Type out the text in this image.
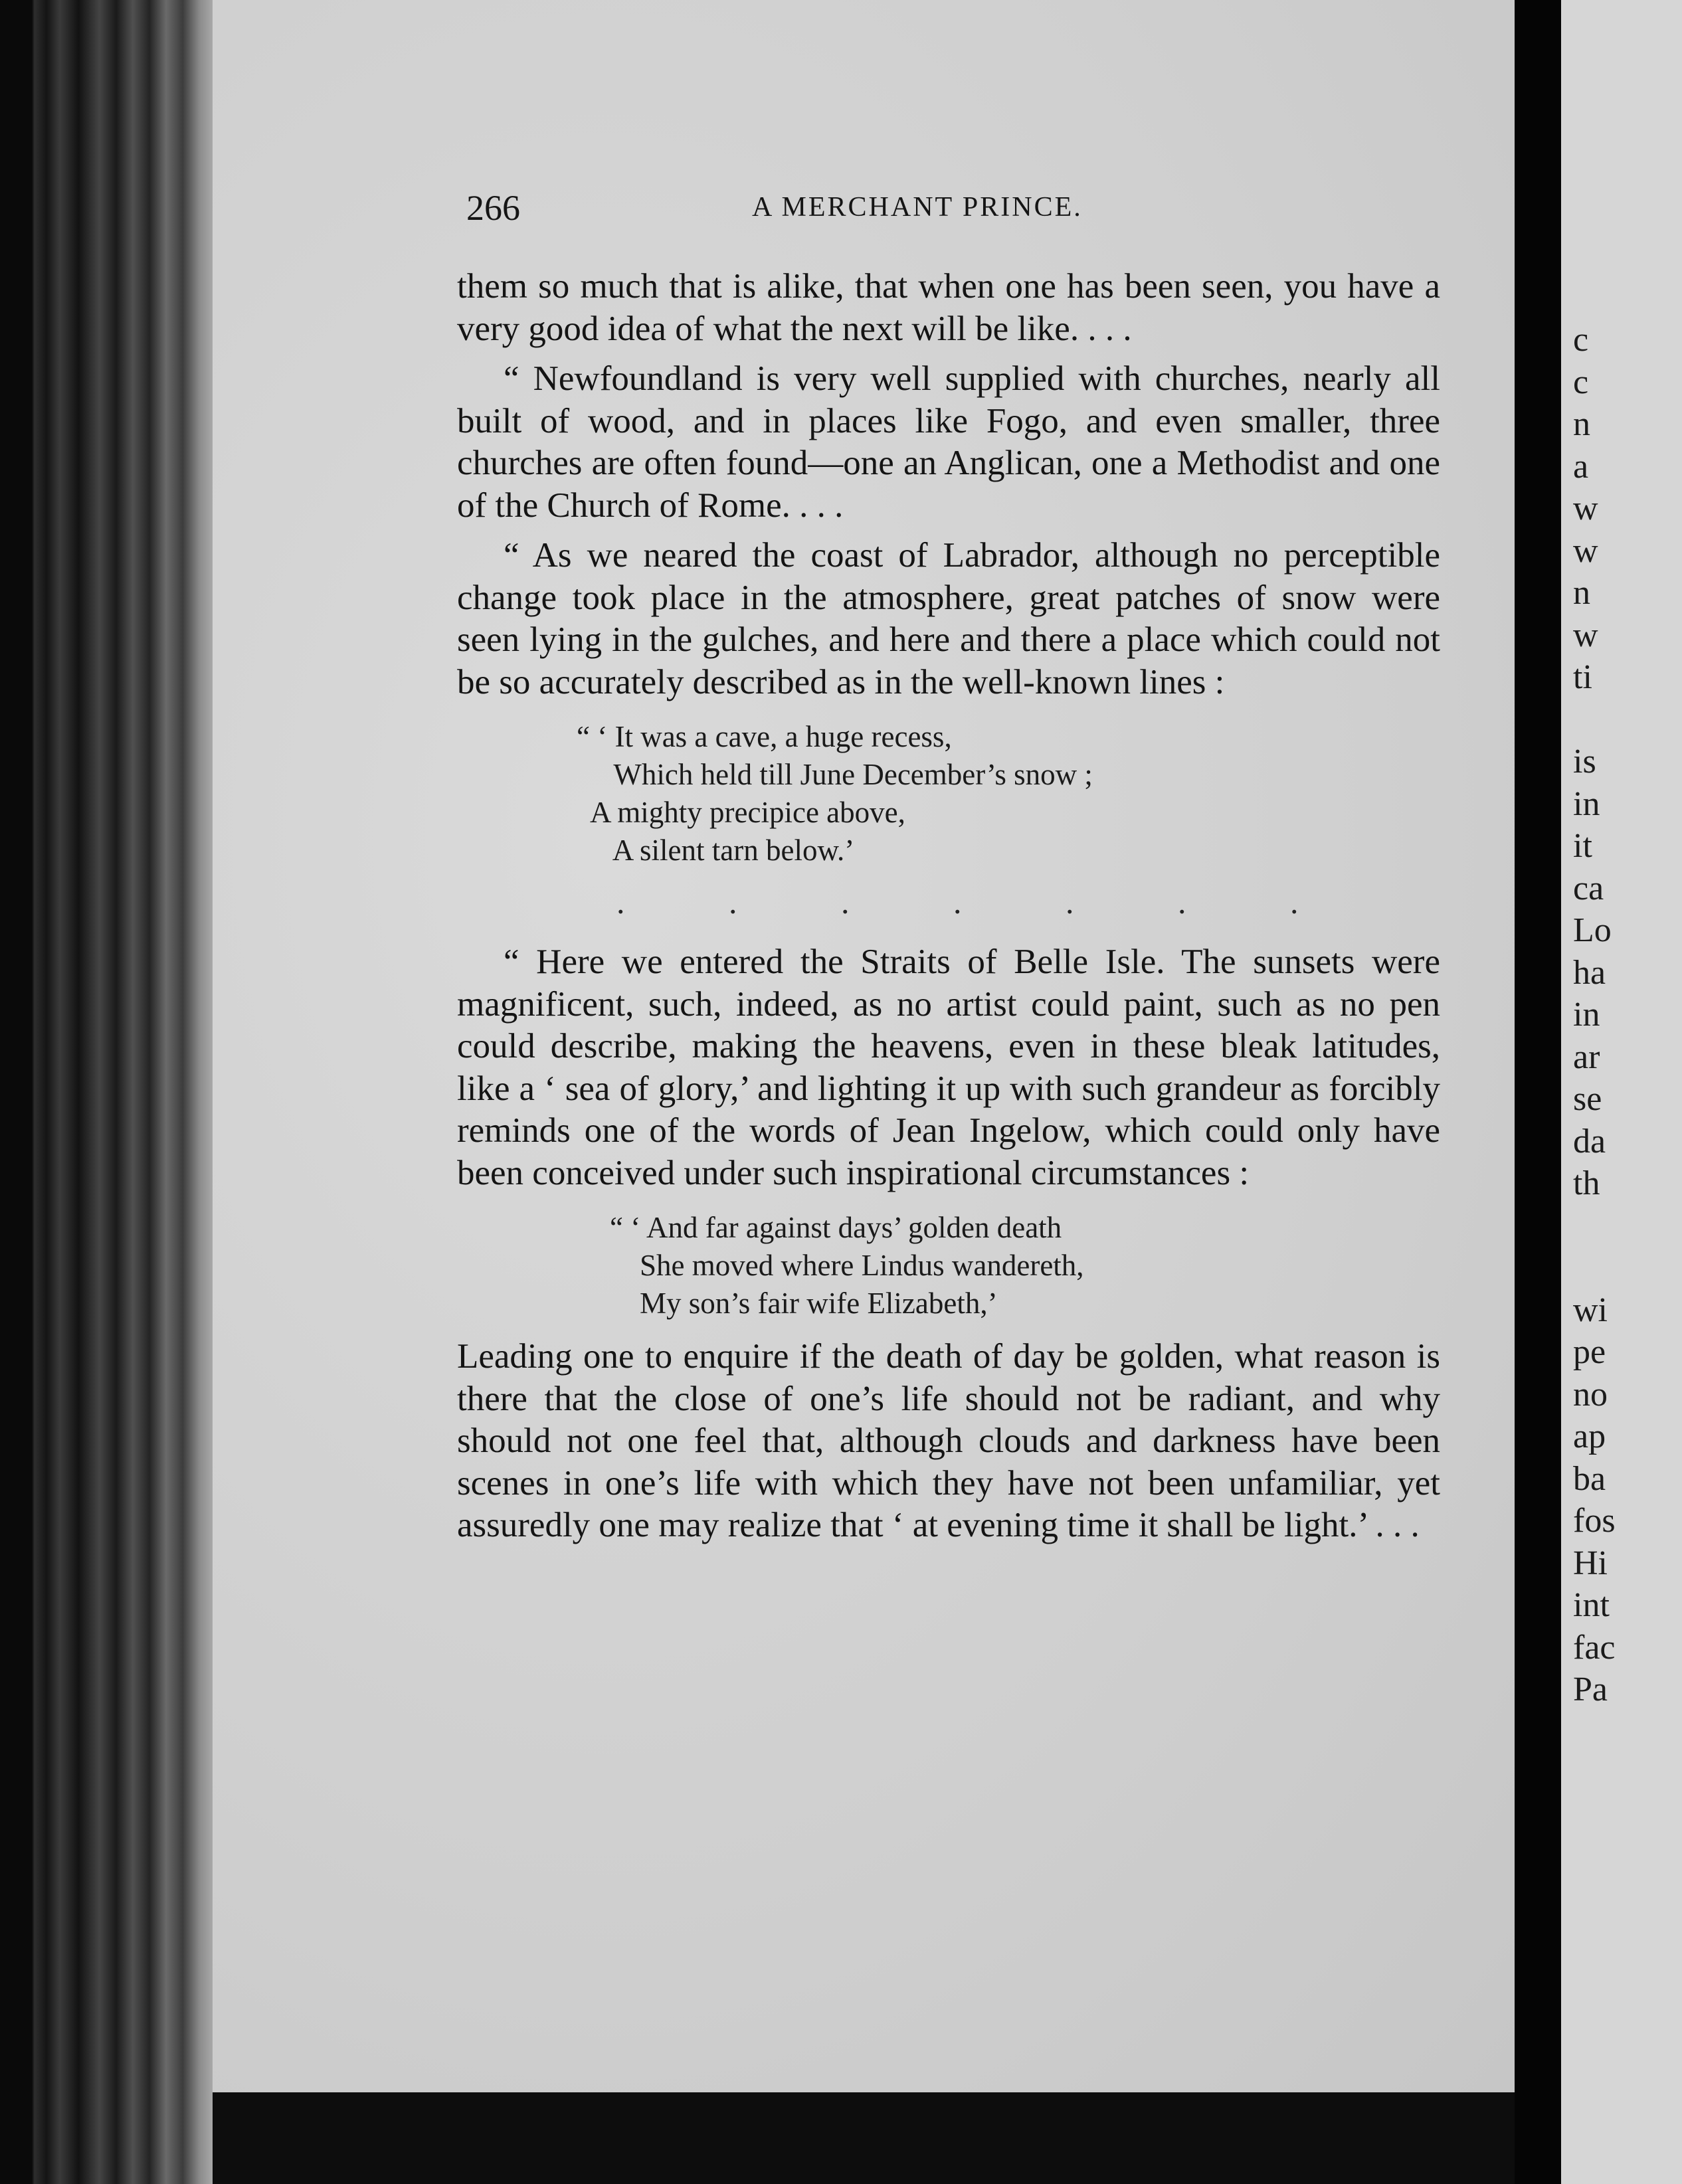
266	A MERCHANT PRINCE.

them so much that is alike, that when one has been seen, you have a very good idea of what the next will be like. . . .

“ Newfoundland is very well supplied with churches, nearly all built of wood, and in places like Fogo, and even smaller, three churches are often found—one an Anglican, one a Methodist and one of the Church of Rome. . . .

“ As we neared the coast of Labrador, although no perceptible change took place in the atmosphere, great patches of snow were seen lying in the gulches, and here and there a place which could not be so accurately described as in the well-known lines :

“ ‘ It was a cave, a huge recess,
Which held till June December’s snow ;
A mighty precipice above,
A silent tarn below.’
. . . . . . .

“ Here we entered the Straits of Belle Isle. The sunsets were magnificent, such, indeed, as no artist could paint, such as no pen could describe, making the heavens, even in these bleak latitudes, like a ‘ sea of glory,’ and lighting it up with such grandeur as forcibly reminds one of the words of Jean Ingelow, which could only have been conceived under such inspirational circumstances :

“ ‘ And far against days’ golden death
She moved where Lindus wandereth,
My son’s fair wife Elizabeth,’

Leading one to enquire if the death of day be golden, what reason is there that the close of one’s life should not be radiant, and why should not one feel that, although clouds and darkness have been scenes in one’s life with which they have not been unfamiliar, yet assuredly one may realize that ‘ at evening time it shall be light.’ . . .

c
c
n
a
w
w
n
w
ti
is
in
it
ca
Lo
ha
in
ar
se
da
th
wi
pe
no
ap
ba
fos
Hi
int
fac
Pa
